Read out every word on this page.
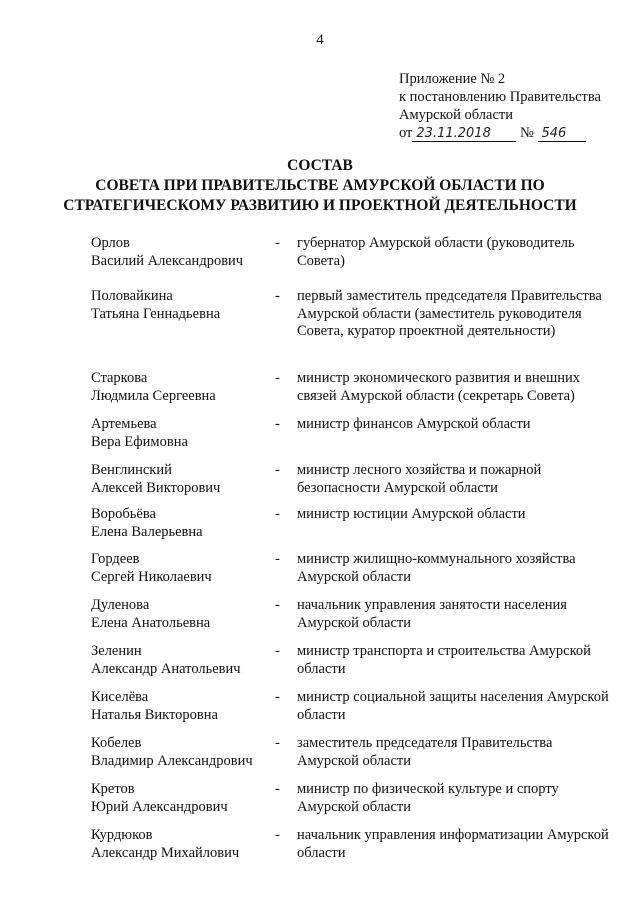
4
Приложение № 2
к постановлению Правительства
Амурской области
от 23.11.2018 № 546
СОСТАВ
СОВЕТА ПРИ ПРАВИТЕЛЬСТВЕ АМУРСКОЙ ОБЛАСТИ ПО
СТРАТЕГИЧЕСКОМУ РАЗВИТИЮ И ПРОЕКТНОЙ ДЕЯТЕЛЬНОСТИ
Орлов
Василий Александрович
-	губернатор Амурской области (руководитель Совета)
Половайкина
Татьяна Геннадьевна
-	первый заместитель председателя Правительства Амурской области (заместитель руководителя Совета, куратор проектной деятельности)
Старкова
Людмила Сергеевна
-	министр экономического развития и внешних связей Амурской области (секретарь Совета)
Артемьева
Вера Ефимовна
-	министр финансов Амурской области
Венглинский
Алексей Викторович
-	министр лесного хозяйства и пожарной безопасности Амурской области
Воробьёва
Елена Валерьевна
-	министр юстиции Амурской области
Гордеев
Сергей Николаевич
-	министр жилищно-коммунального хозяйства Амурской области
Дуленова
Елена Анатольевна
-	начальник управления занятости населения Амурской области
Зеленин
Александр Анатольевич
-	министр транспорта и строительства Амурской области
Киселёва
Наталья Викторовна
-	министр социальной защиты населения Амурской области
Кобелев
Владимир Александрович
-	заместитель председателя Правительства Амурской области
Кретов
Юрий Александрович
-	министр по физической культуре и спорту Амурской области
Курдюков
Александр Михайлович
-	начальник управления информатизации Амурской области
